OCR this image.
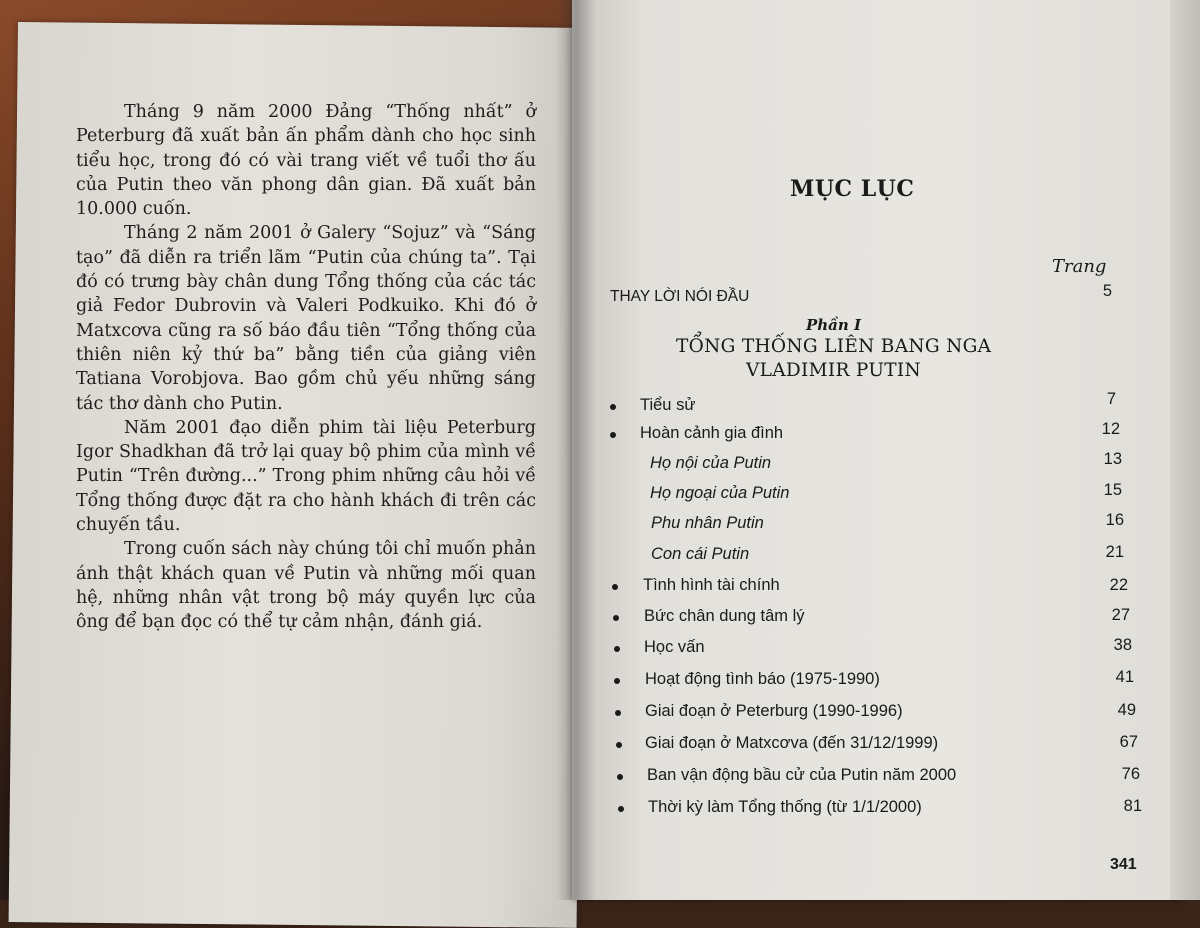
Tháng 9 năm 2000 Đảng “Thống nhất” ở Peterburg đã xuất bản ấn phẩm dành cho học sinh tiểu học, trong đó có vài trang viết về tuổi thơ ấu của Putin theo văn phong dân gian. Đã xuất bản 10.000 cuốn.

Tháng 2 năm 2001 ở Galery “Sojuz” và “Sáng tạo” đã diễn ra triển lãm “Putin của chúng ta”. Tại đó có trưng bày chân dung Tổng thống của các tác giả Fedor Dubrovin và Valeri Podkuiko. Khi đó ở Matxcơva cũng ra số báo đầu tiên “Tổng thống của thiên niên kỷ thứ ba” bằng tiền của giảng viên Tatiana Vorobjova. Bao gồm chủ yếu những sáng tác thơ dành cho Putin.

Năm 2001 đạo diễn phim tài liệu Peterburg Igor Shadkhan đã trở lại quay bộ phim của mình về Putin “Trên đường...” Trong phim những câu hỏi về Tổng thống được đặt ra cho hành khách đi trên các chuyến tầu.

Trong cuốn sách này chúng tôi chỉ muốn phản ánh thật khách quan về Putin và những mối quan hệ, những nhân vật trong bộ máy quyền lực của ông để bạn đọc có thể tự cảm nhận, đánh giá.

MỤC LỤC
Trang
THAY LỜI NÓI ĐẦU	5
Phần I
TỔNG THỐNG LIÊN BANG NGA
VLADIMIR PUTIN
Tiểu sử	7
Hoàn cảnh gia đình	12
Họ nội của Putin	13
Họ ngoại của Putin	15
Phu nhân Putin	16
Con cái Putin	21
Tình hình tài chính	22
Bức chân dung tâm lý	27
Học vấn	38
Hoạt động tình báo (1975-1990)	41
Giai đoạn ở Peterburg (1990-1996)	49
Giai đoạn ở Matxcơva (đến 31/12/1999)	67
Ban vận động bầu cử của Putin năm 2000	76
Thời kỳ làm Tổng thống (từ 1/1/2000)	81
341
